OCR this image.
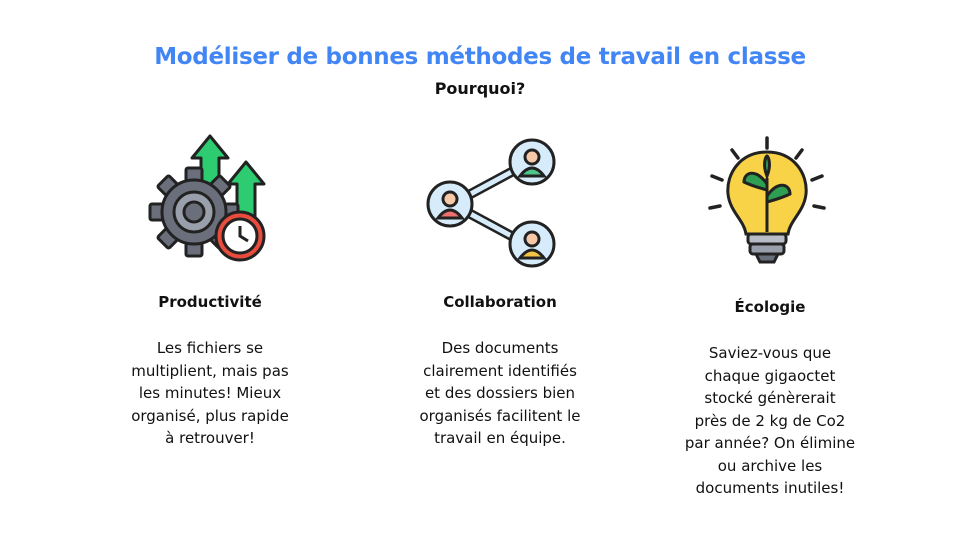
Modéliser de bonnes méthodes de travail en classe
Pourquoi?
Productivité	Collaboration	Écologie
Les fichiers se
multiplient, mais pas
les minutes! Mieux
organisé, plus rapide
à retrouver!
Des documents
clairement identifiés
et des dossiers bien
organisés facilitent le
travail en équipe.
Saviez-vous que
chaque gigaoctet
stocké génèrerait
près de 2 kg de Co2
par année? On élimine
ou archive les
documents inutiles!
